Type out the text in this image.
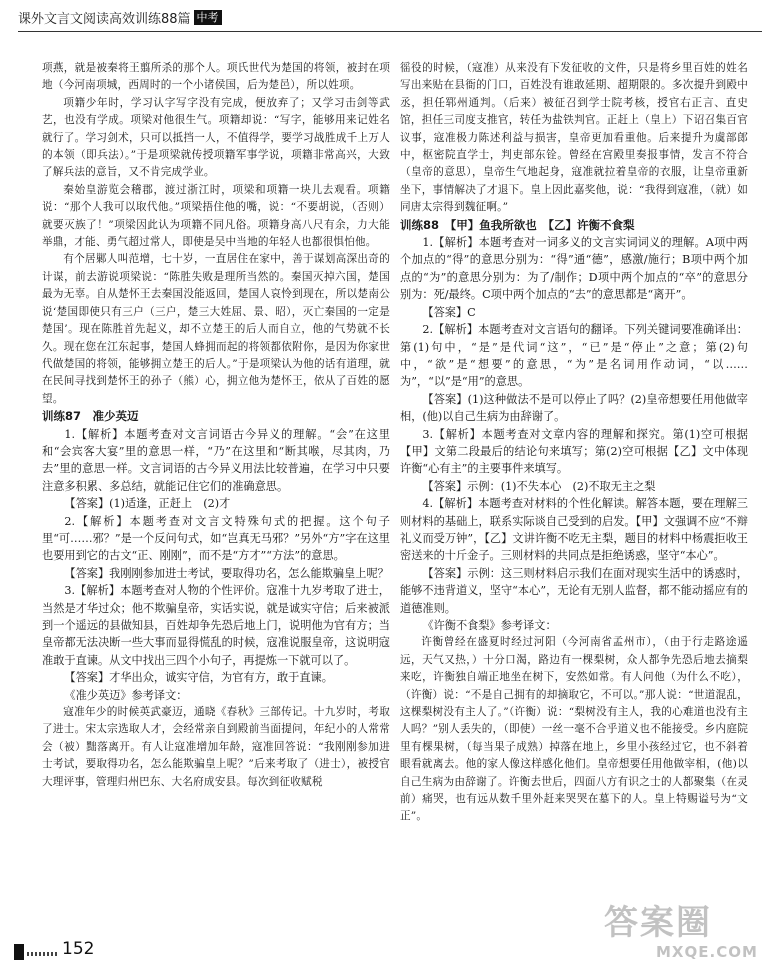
课外文言文阅读高效训练88篇 中考

项燕，就是被秦将王翦所杀的那个人。项氏世代为楚国的将领，被封在项地（今河南项城，西周时的一个小诸侯国，后为楚邑），所以姓项。

项籍少年时，学习认字写字没有完成，便放弃了；又学习击剑等武艺，也没有学成。项梁对他很生气。项籍却说：“写字，能够用来记姓名就行了。学习剑术，只可以抵挡一人，不值得学，要学习战胜成千上万人的本领（即兵法）。”于是项梁就传授项籍军事学说，项籍非常高兴，大致了解兵法的意旨，又不肯完成学业。

秦始皇游览会稽郡，渡过浙江时，项梁和项籍一块儿去观看。项籍说：“那个人我可以取代他。”项梁捂住他的嘴，说：“不要胡说，（否则）就要灭族了！”项梁因此认为项籍不同凡俗。项籍身高八尺有余，力大能举鼎，才能、勇气超过常人，即使是吴中当地的年轻人也都很惧怕他。

有个居鄛人叫范增，七十岁，一直居住在家中，善于谋划高深出奇的计谋，前去游说项梁说：“陈胜失败是理所当然的。秦国灭掉六国，楚国最为无辜。自从楚怀王去秦国没能返回，楚国人哀怜到现在，所以楚南公说‘楚国即使只有三户（三户，楚三大姓屈、景、昭），灭亡秦国的一定是楚国’。现在陈胜首先起义，却不立楚王的后人而自立，他的气势就不长久。现在您在江东起事，楚国人蜂拥而起的将领都依附你，是因为你家世代做楚国的将领，能够拥立楚王的后人。”于是项梁认为他的话有道理，就在民间寻找到楚怀王的孙子（熊）心，拥立他为楚怀王，依从了百姓的愿望。

训练87　准少英迈

1.【解析】本题考查对文言词语古今异义的理解。“会”在这里和“会宾客大宴”里的意思一样，“乃”在这里和“断其喉，尽其肉，乃去”里的意思一样。文言词语的古今异义用法比较普遍，在学习中只要注意多积累、多总结，就能记住它们的准确意思。

【答案】(1)适逢，正赶上　(2)才

2.【解析】本题考查对文言文特殊句式的把握。这个句子里“可……邪？”是一个反问句式，如“岂真无马邪？”另外“方”字在这里也要用到它的古文“正、刚刚”，而不是“方才”“方法”的意思。

【答案】我刚刚参加进士考试，要取得功名，怎么能欺骗皇上呢？

3.【解析】本题考查对人物的个性评价。寇准十九岁考取了进士，当然是才华过众；他不欺骗皇帝，实话实说，就是诚实守信；后来被派到一个遥远的县做知县，百姓却争先恐后地上门，说明他为官有方；当皇帝都无法决断一些大事而显得慌乱的时候，寇准说服皇帝，这说明寇准敢于直谏。从文中找出三四个小句子，再提炼一下就可以了。

【答案】才华出众，诚实守信，为官有方，敢于直谏。

《准少英迈》参考译文：

寇准年少的时候英武豪迈，通晓《春秋》三部传记。十九岁时，考取了进士。宋太宗选取人才，会经常亲自到殿前当面提问，年纪小的人常常会（被）黜落离开。有人让寇准增加年龄，寇准回答说：“我刚刚参加进士考试，要取得功名，怎么能欺骗皇上呢？”后来考取了（进士），被授官大理评事，管理归州巴东、大名府成安县。每次到征收赋税

徭役的时候，（寇准）从来没有下发征收的文件，只是将乡里百姓的姓名写出来贴在县衙的门口，百姓没有谁敢延期、超期限的。多次提升到殿中丞，担任郓州通判。（后来）被征召到学士院考核，授官右正言、直史馆，担任三司度支推官，转任为盐铁判官。正赶上（皇上）下诏召集百官议事，寇准极力陈述利益与损害，皇帝更加看重他。后来提升为虞部郎中，枢密院直学士，判吏部东铨。曾经在宫殿里奏报事情，发言不符合（皇帝的意思），皇帝生气地起身，寇准就拉着皇帝的衣服，让皇帝重新坐下，事情解决了才退下。皇上因此嘉奖他，说：“我得到寇准，（就）如同唐太宗得到魏征啊。”

训练88　【甲】鱼我所欲也　【乙】许衡不食梨

1.【解析】本题考查对一词多义的文言实词词义的理解。A项中两个加点的“得”的意思分别为：“得”通“德”，感激/施行；B项中两个加点的“为”的意思分别为：为了/制作；D项中两个加点的“卒”的意思分别为：死/最终。C项中两个加点的“去”的意思都是“离开”。

【答案】C

2.【解析】本题考查对文言语句的翻译。下列关键词要准确译出：第(1)句中，“是”是代词“这”，“已”是“停止”之意；第(2)句中，“欲”是“想要”的意思，“为”是名词用作动词，“以……为”，“以”是“用”的意思。

【答案】(1)这种做法不是可以停止了吗？(2)皇帝想要任用他做宰相，(他)以自己生病为由辞谢了。

3.【解析】本题考查对文章内容的理解和探究。第(1)空可根据【甲】文第二段最后的结论句来填写；第(2)空可根据【乙】文中体现许衡“心有主”的主要事件来填写。

【答案】示例：(1)不失本心　(2)不取无主之梨

4.【解析】本题考查对材料的个性化解读。解答本题，要在理解三则材料的基础上，联系实际谈自己受到的启发。【甲】文强调不应“不辩礼义而受万钟”，【乙】文讲许衡不吃无主梨，题目的材料中杨震拒收王密送来的十斤金子。三则材料的共同点是拒绝诱惑，坚守“本心”。

【答案】示例：这三则材料启示我们在面对现实生活中的诱惑时，能够不违背道义，坚守“本心”，无论有无别人监督，都不能动摇应有的道德准则。

《许衡不食梨》参考译文：

许衡曾经在盛夏时经过河阳（今河南省孟州市），（由于行走路途遥远，天气又热，）十分口渴，路边有一棵梨树，众人都争先恐后地去摘梨来吃，许衡独自端正地坐在树下，安然如常。有人问他（为什么不吃），（许衡）说：“不是自己拥有的却摘取它，不可以。”那人说：“世道混乱，这棵梨树没有主人了。”（许衡）说：“梨树没有主人，我的心难道也没有主人吗？”别人丢失的，（即使）一丝一毫不合乎道义也不能接受。乡内庭院里有棵果树，（每当果子成熟）掉落在地上，乡里小孩经过它，也不斜着眼看就离去。他的家人像这样感化他们。皇帝想要任用他做宰相，(他)以自己生病为由辞谢了。许衡去世后，四面八方有识之士的人都聚集（在灵前）痛哭，也有远从数千里外赶来哭哭在墓下的人。皇上特赐谥号为“文正”。

152
答案圈
MXQE.COM
